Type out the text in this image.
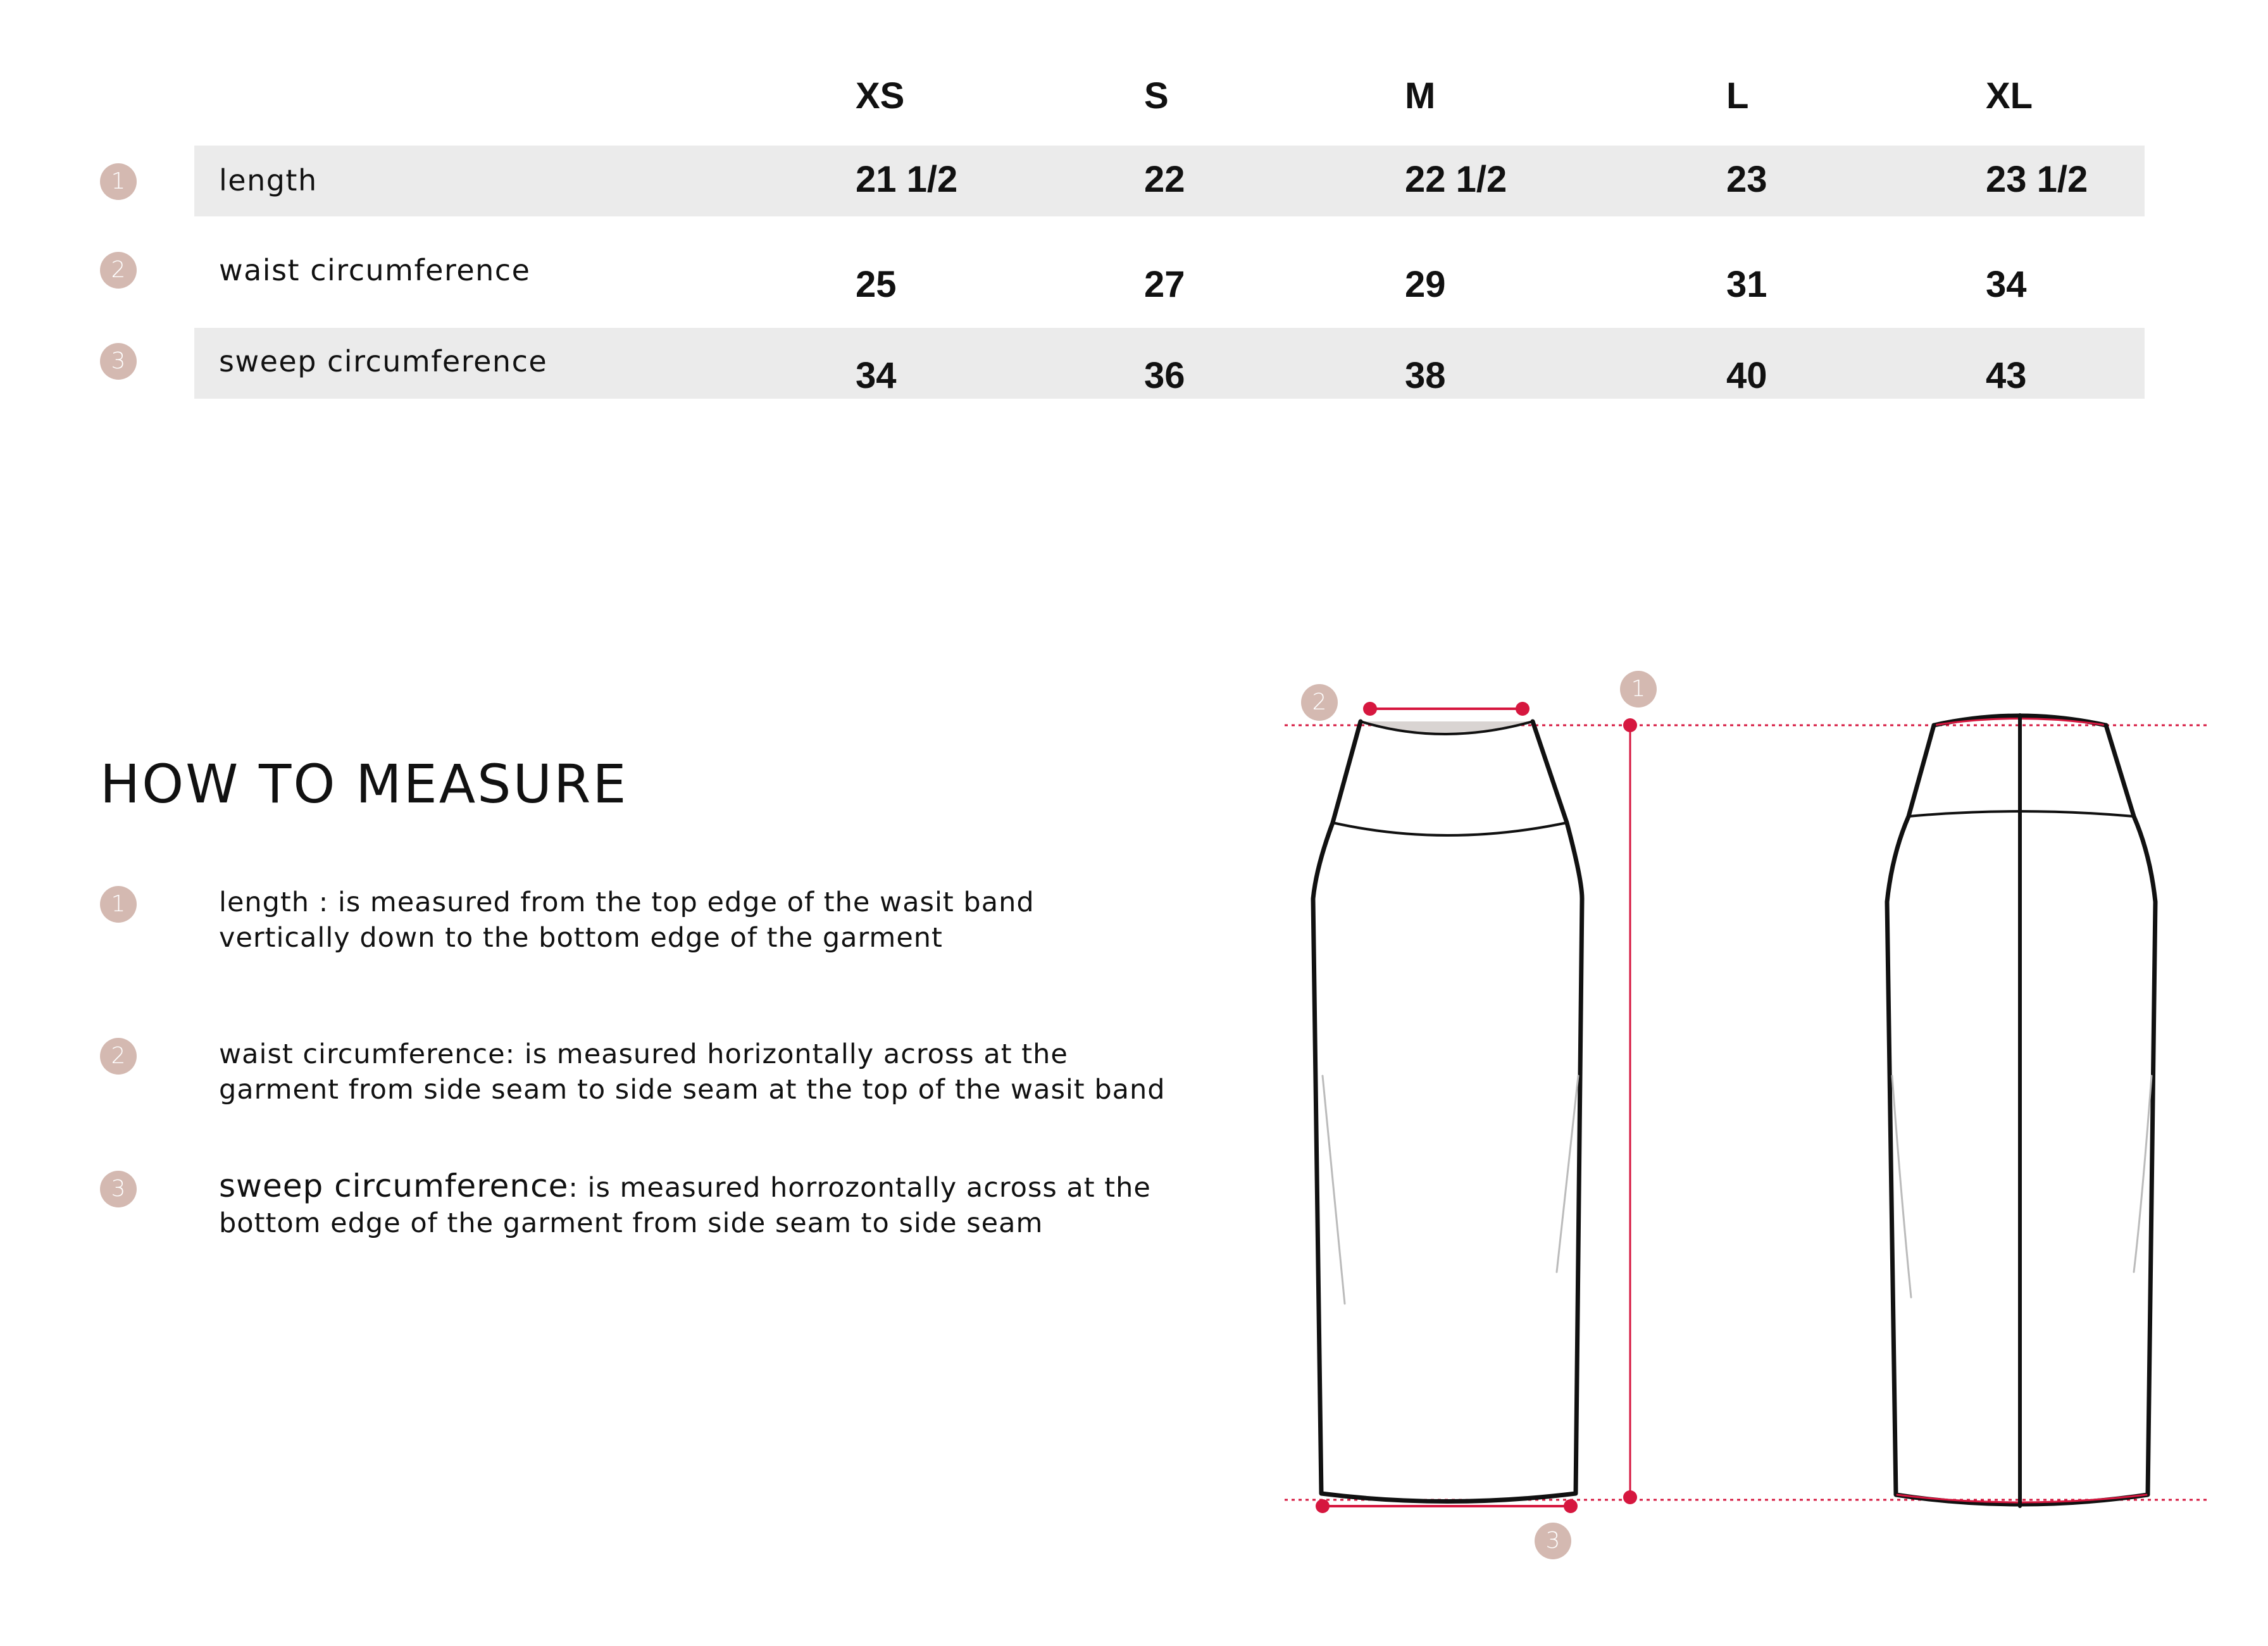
XS	S	M	L	XL
1	length	21 1/2	22	22 1/2	23	23 1/2
2	waist circumference	25	27	29	31	34
3	sweep circumference	34	36	38	40	43
HOW TO MEASURE
1	length : is measured from the top edge of the wasit band
vertically down to the bottom edge of the garment
2	waist circumference: is measured horizontally across at the
garment from side seam to side seam at the top of the wasit band
3	sweep circumference: is measured horrozontally across at the
bottom edge of the garment from side seam to side seam
2
1
3
